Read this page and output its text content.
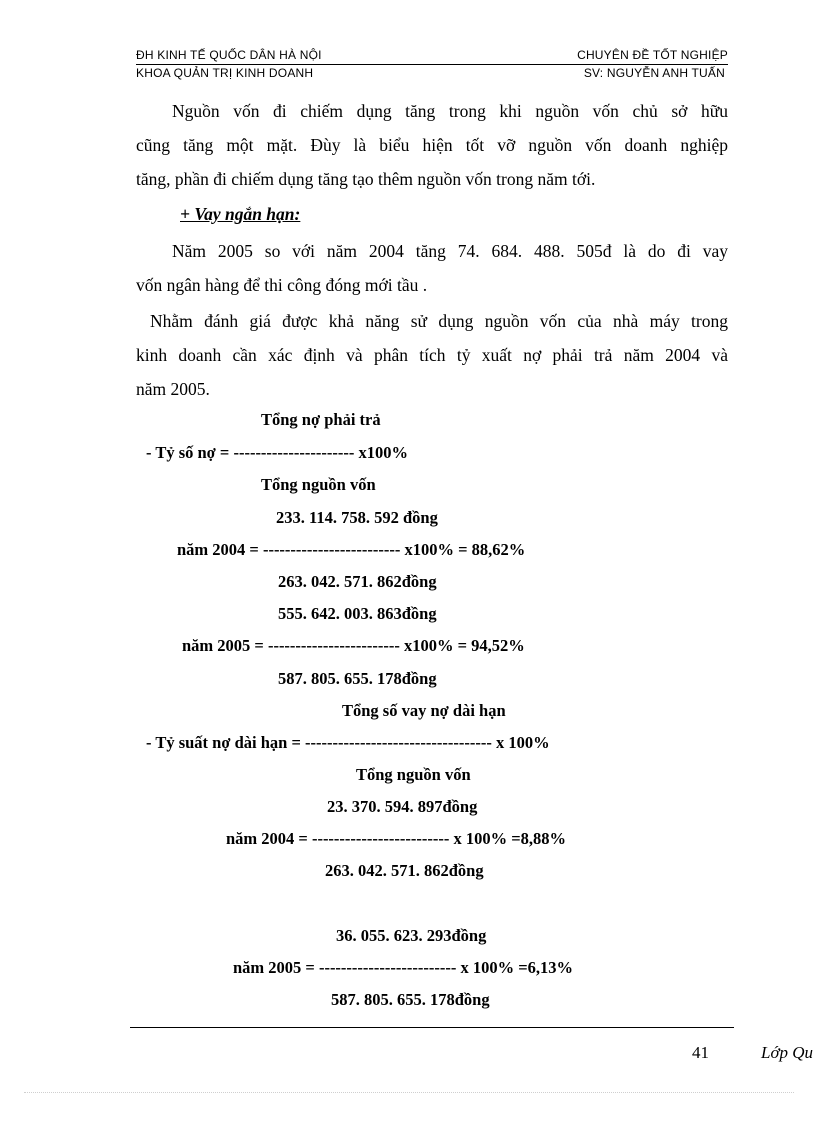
ĐH KINH TẾ QUỐC DÂN HÀ NỘI	CHUYÊN ĐỀ TỐT NGHIỆP
KHOA QUẢN TRỊ KINH DOANH	SV: NGUYỄN ANH TUẤN
Nguồn vốn đi chiếm dụng tăng trong khi nguồn vốn chủ sở hữu
cũng tăng một mặt. Đùy là biểu hiện tốt vỡ nguồn vốn doanh nghiệp
tăng, phần đi chiếm dụng tăng tạo thêm nguồn vốn trong năm tới.
+ Vay ngắn hạn:
Năm 2005 so với năm 2004 tăng 74. 684. 488. 505đ là do đi vay
vốn ngân hàng để thi công đóng mới tầu .
Nhằm đánh giá được khả năng sử dụng nguồn vốn của nhà máy trong
kinh doanh cần xác định và phân tích tỷ xuất nợ phải trả năm 2004 và
năm 2005.
Tổng nợ phải trả
- Tỷ số nợ = ---------------------- x100%
Tổng nguồn vốn
233. 114. 758. 592 đồng
năm 2004 = ------------------------- x100% = 88,62%
263. 042. 571. 862đồng
555. 642. 003. 863đồng
năm 2005 = ------------------------ x100% = 94,52%
587. 805. 655. 178đồng
Tổng số vay nợ dài hạn
- Tỷ suất nợ dài hạn = ---------------------------------- x 100%
Tổng nguồn vốn
23. 370. 594. 897đồng
năm 2004 = ------------------------- x 100% =8,88%
263. 042. 571. 862đồng
36. 055. 623. 293đồng
năm 2005 = ------------------------- x 100% =6,13%
587. 805. 655. 178đồng
41	Lớp Qu
